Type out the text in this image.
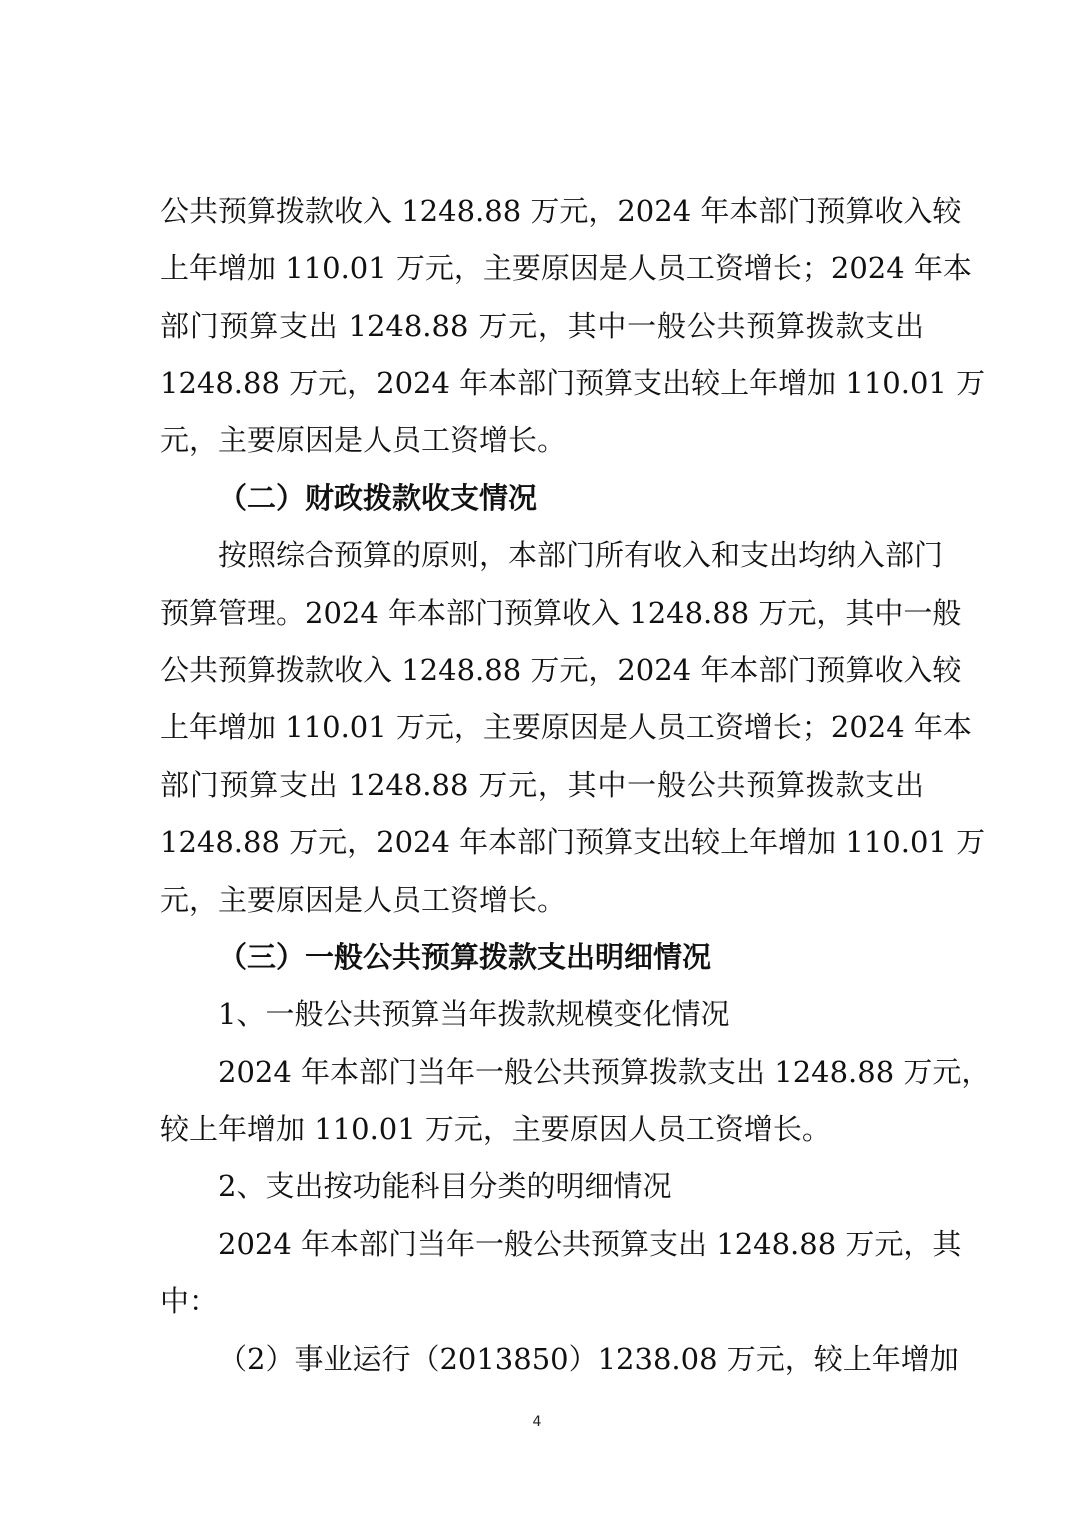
公共预算拨款收入 1248.88 万元，2024 年本部门预算收入较
上年增加 110.01 万元，主要原因是人员工资增长；2024 年本
部门预算支出 1248.88 万元，其中一般公共预算拨款支出
1248.88 万元，2024 年本部门预算支出较上年增加 110.01 万
元，主要原因是人员工资增长。
（二）财政拨款收支情况
按照综合预算的原则，本部门所有收入和支出均纳入部门
预算管理。2024 年本部门预算收入 1248.88 万元，其中一般
公共预算拨款收入 1248.88 万元，2024 年本部门预算收入较
上年增加 110.01 万元，主要原因是人员工资增长；2024 年本
部门预算支出 1248.88 万元，其中一般公共预算拨款支出
1248.88 万元，2024 年本部门预算支出较上年增加 110.01 万
元，主要原因是人员工资增长。
（三）一般公共预算拨款支出明细情况
1、一般公共预算当年拨款规模变化情况
2024 年本部门当年一般公共预算拨款支出 1248.88 万元，
较上年增加 110.01 万元，主要原因人员工资增长。
2、支出按功能科目分类的明细情况
2024 年本部门当年一般公共预算支出 1248.88 万元，其
中：
（2）事业运行（2013850）1238.08 万元，较上年增加
4
